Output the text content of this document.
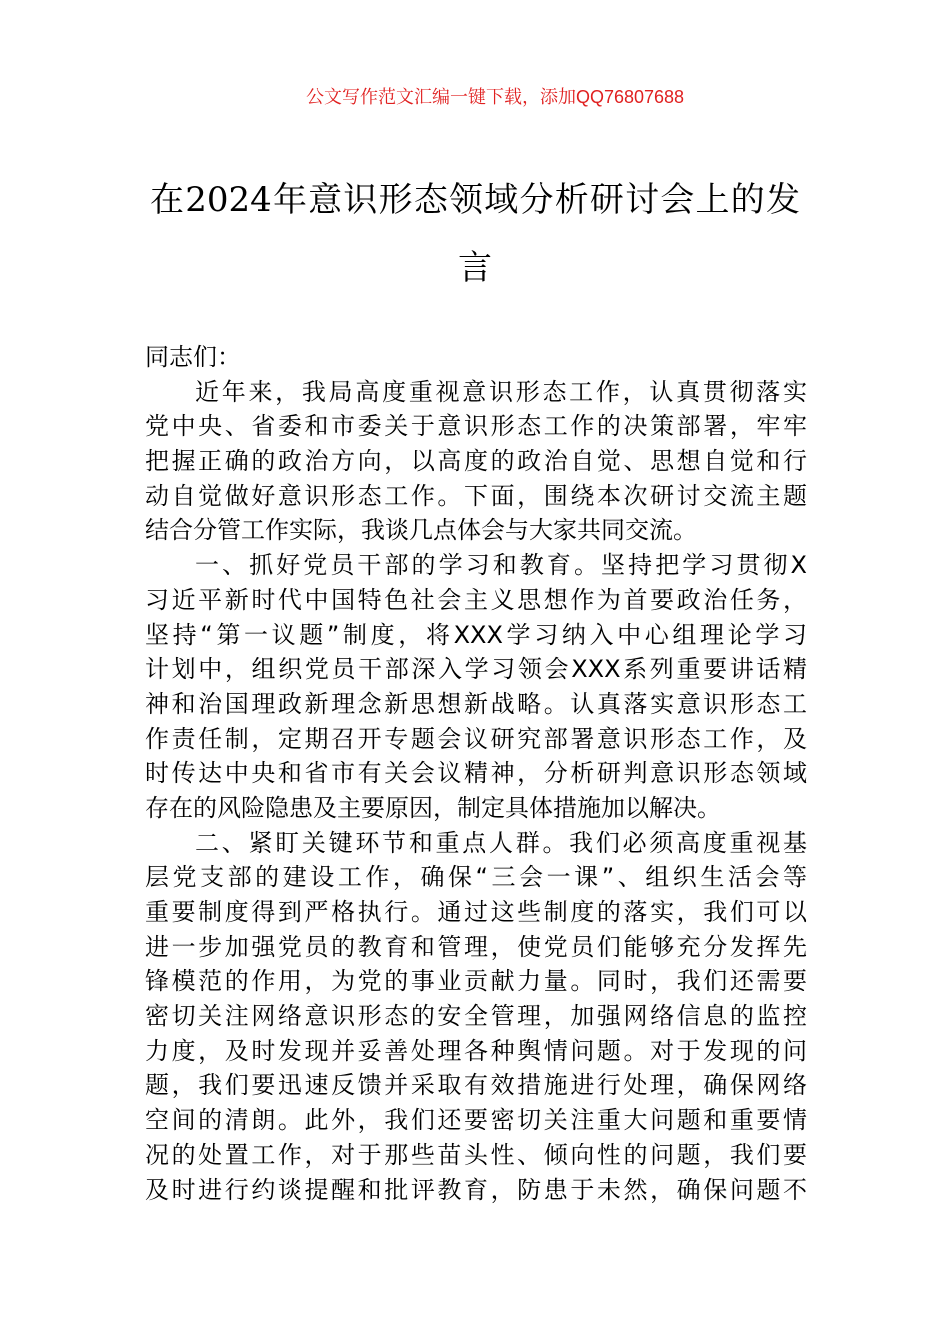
公文写作范文汇编一键下载，添加QQ76807688
在2024年意识形态领域分析研讨会上的发
言
同志们：
近年来，我局高度重视意识形态工作，认真贯彻落实
党中央、省委和市委关于意识形态工作的决策部署，牢牢
把握正确的政治方向，以高度的政治自觉、思想自觉和行
动自觉做好意识形态工作。下面，围绕本次研讨交流主题
结合分管工作实际，我谈几点体会与大家共同交流。
一、抓好党员干部的学习和教育。坚持把学习贯彻X
习近平新时代中国特色社会主义思想作为首要政治任务，
坚持“第一议题”制度，将XXX学习纳入中心组理论学习
计划中，组织党员干部深入学习领会XXX系列重要讲话精
神和治国理政新理念新思想新战略。认真落实意识形态工
作责任制，定期召开专题会议研究部署意识形态工作，及
时传达中央和省市有关会议精神，分析研判意识形态领域
存在的风险隐患及主要原因，制定具体措施加以解决。
二、紧盯关键环节和重点人群。我们必须高度重视基
层党支部的建设工作，确保“三会一课”、组织生活会等
重要制度得到严格执行。通过这些制度的落实，我们可以
进一步加强党员的教育和管理，使党员们能够充分发挥先
锋模范的作用，为党的事业贡献力量。同时，我们还需要
密切关注网络意识形态的安全管理，加强网络信息的监控
力度，及时发现并妥善处理各种舆情问题。对于发现的问
题，我们要迅速反馈并采取有效措施进行处理，确保网络
空间的清朗。此外，我们还要密切关注重大问题和重要情
况的处置工作，对于那些苗头性、倾向性的问题，我们要
及时进行约谈提醒和批评教育，防患于未然，确保问题不
